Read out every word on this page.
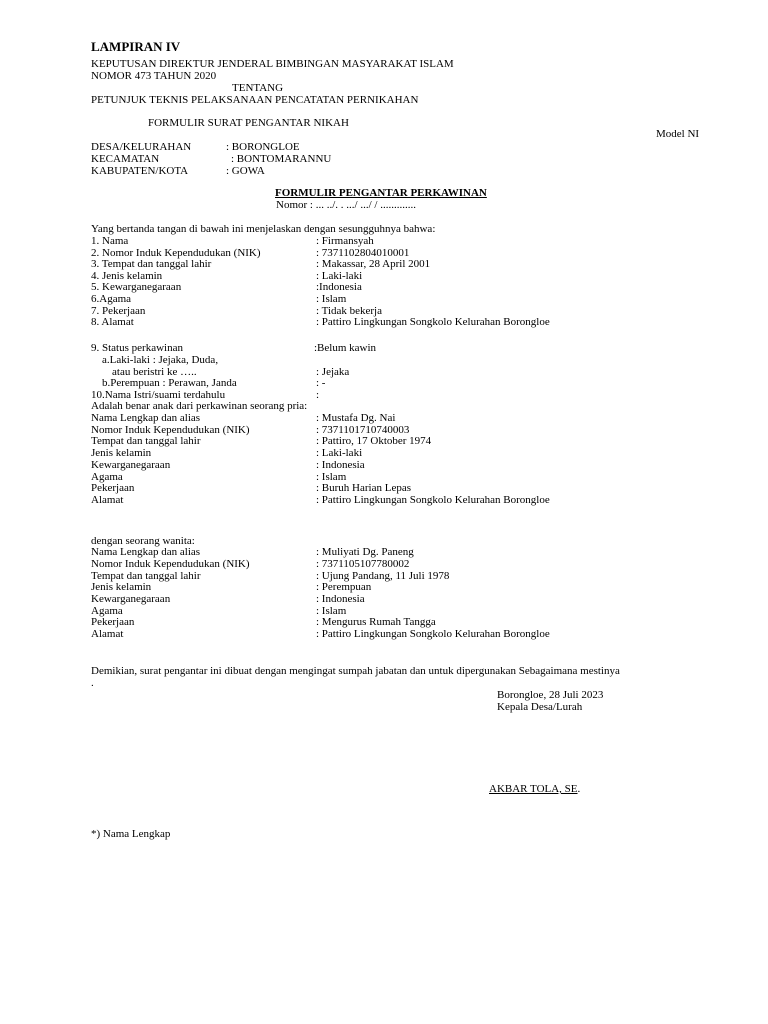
LAMPIRAN IV
KEPUTUSAN DIREKTUR JENDERAL BIMBINGAN MASYARAKAT ISLAM
NOMOR 473 TAHUN 2020
TENTANG
PETUNJUK TEKNIS PELAKSANAAN PENCATATAN PERNIKAHAN
FORMULIR SURAT PENGANTAR NIKAH
Model NI
DESA/KELURAHAN	: BORONGLOE
KECAMATAN	: BONTOMARANNU
KABUPATEN/KOTA	: GOWA
FORMULIR PENGANTAR PERKAWINAN
Nomor : ... ../. . .../ .../ / .............
Yang bertanda tangan di bawah ini menjelaskan dengan sesungguhnya bahwa:
1. Nama	: Firmansyah
2. Nomor Induk Kependudukan (NIK)	: 7371102804010001
3. Tempat dan tanggal lahir	: Makassar, 28 April 2001
4. Jenis kelamin	: Laki-laki
5. Kewarganegaraan	:Indonesia
6.Agama	: Islam
7. Pekerjaan	: Tidak bekerja
8. Alamat	: Pattiro Lingkungan Songkolo Kelurahan Borongloe
9. Status perkawinan	:Belum kawin
a.Laki-laki : Jejaka, Duda,
atau beristri ke …..	: Jejaka
b.Perempuan : Perawan, Janda	: -
10.Nama Istri/suami terdahulu	:
Adalah benar anak dari perkawinan seorang pria:
Nama Lengkap dan alias	: Mustafa Dg. Nai
Nomor Induk Kependudukan (NIK)	: 7371101710740003
Tempat dan tanggal lahir	: Pattiro, 17 Oktober 1974
Jenis kelamin	: Laki-laki
Kewarganegaraan	: Indonesia
Agama	: Islam
Pekerjaan	: Buruh Harian Lepas
Alamat	: Pattiro Lingkungan Songkolo Kelurahan Borongloe
dengan seorang wanita:
Nama Lengkap dan alias	: Muliyati Dg. Paneng
Nomor Induk Kependudukan (NIK)	: 7371105107780002
Tempat dan tanggal lahir	: Ujung Pandang, 11 Juli 1978
Jenis kelamin	: Perempuan
Kewarganegaraan	: Indonesia
Agama	: Islam
Pekerjaan	: Mengurus Rumah Tangga
Alamat	: Pattiro Lingkungan Songkolo Kelurahan Borongloe
Demikian, surat pengantar ini dibuat dengan mengingat sumpah jabatan dan untuk dipergunakan Sebagaimana mestinya
.
Borongloe, 28 Juli 2023
Kepala Desa/Lurah
AKBAR TOLA, SE.
*) Nama Lengkap
